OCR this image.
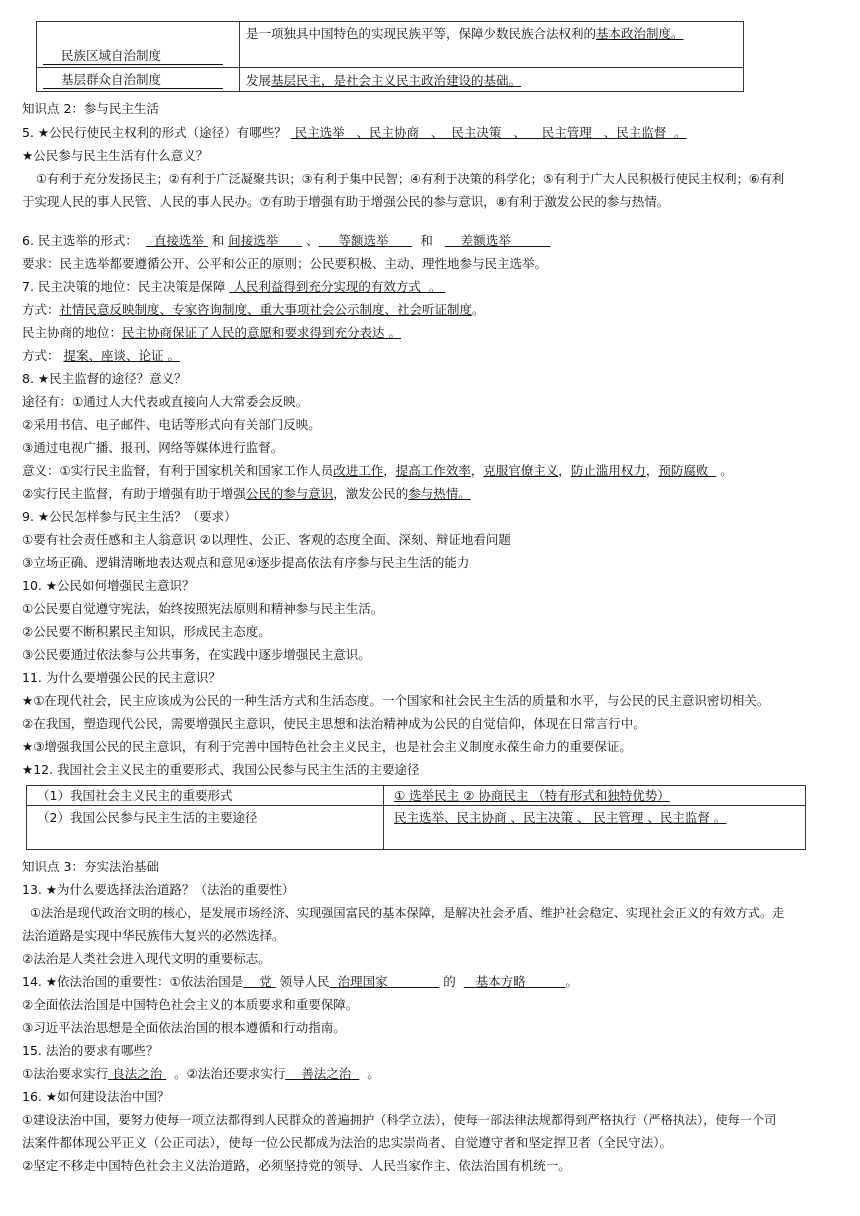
民族区域自治制度	是一项独具中国特色的实现民族平等，保障少数民族合法权利的基本政治制度。
基层群众自治制度	发展基层民主，是社会主义民主政治建设的基础。
知识点 2：参与民主生活
5. ★公民行使民主权利的形式（途径）有哪些？ 民主选举   、民主协商   、  民主决策   、    民主管理   、民主监督  。
★公民参与民主生活有什么意义？
①有利于充分发扬民主；②有利于广泛凝聚共识；③有利于集中民智；④有利于决策的科学化；⑤有利于广大人民积极行使民主权利；⑥有利
于实现人民的事人民管、人民的事人民办。⑦有助于增强有助于增强公民的参与意识，⑧有利于激发公民的参与热情。
6. 民主选举的形式： 直接选举 和 间接选举 、 等额选举	和 差额选举
要求：民主选举都要遵循公开、公平和公正的原则；公民要积极、主动、理性地参与民主选举。
7. 民主决策的地位：民主决策是保障 人民利益得到充分实现的有效方式  。
方式：社情民意反映制度、专家咨询制度、重大事项社会公示制度、社会听证制度。
民主协商的地位：民主协商保证了人民的意愿和要求得到充分表达 。
方式： 提案、座谈、论证 。
8. ★民主监督的途径？意义？
途径有：①通过人大代表或直接向人大常委会反映。
②采用书信、电子邮件、电话等形式向有关部门反映。
③通过电视广播、报刊、网络等媒体进行监督。
意义：①实行民主监督，有利于国家机关和国家工作人员改进工作，提高工作效率，克服官僚主义，防止滥用权力，预防腐败   。
②实行民主监督，有助于增强有助于增强公民的参与意识，激发公民的参与热情。
9. ★公民怎样参与民主生活？（要求）
①要有社会责任感和主人翁意识 ②以理性、公正、客观的态度全面、深刻、辩证地看问题
③立场正确、逻辑清晰地表达观点和意见④逐步提高依法有序参与民主生活的能力
10. ★公民如何增强民主意识？
①公民要自觉遵守宪法，始终按照宪法原则和精神参与民主生活。
②公民要不断积累民主知识，形成民主态度。
③公民要通过依法参与公共事务，在实践中逐步增强民主意识。
11. 为什么要增强公民的民主意识？
★①在现代社会，民主应该成为公民的一种生活方式和生活态度。一个国家和社会民主生活的质量和水平，与公民的民主意识密切相关。
②在我国，塑造现代公民，需要增强民主意识，使民主思想和法治精神成为公民的自觉信仰，体现在日常言行中。
★③增强我国公民的民主意识，有利于完善中国特色社会主义民主，也是社会主义制度永葆生命力的重要保证。
★12. 我国社会主义民主的重要形式、我国公民参与民主生活的主要途径
（1）我国社会主义民主的重要形式	① 选举民主 ② 协商民主 （特有形式和独特优势）
（2）我国公民参与民主生活的主要途径	民主选举、民主协商 、民主决策 、 民主管理 、民主监督 。
知识点 3：夯实法治基础
13. ★为什么要选择法治道路？（法治的重要性）
①法治是现代政治文明的核心，是发展市场经济、实现强国富民的基本保障，是解决社会矛盾、维护社会稳定、实现社会正义的有效方式。走
法治道路是实现中华民族伟大复兴的必然选择。
②法治是人类社会进入现代文明的重要标志。
14. ★依法治国的重要性：①依法治国是 党 领导人民 治理国家	的 基本方略	。
②全面依法治国是中国特色社会主义的本质要求和重要保障。
③习近平法治思想是全面依法治国的根本遵循和行动指南。
15. 法治的要求有哪些？
①法治要求实行 良法之治 。②法治还要求实行 善法之治 。
16. ★如何建设法治中国？
①建设法治中国，要努力使每一项立法都得到人民群众的普遍拥护（科学立法），使每一部法律法规都得到严格执行（严格执法），使每一个司
法案件都体现公平正义（公正司法），使每一位公民都成为法治的忠实崇尚者、自觉遵守者和坚定捍卫者（全民守法）。
②坚定不移走中国特色社会主义法治道路，必须坚持党的领导、人民当家作主、依法治国有机统一。
